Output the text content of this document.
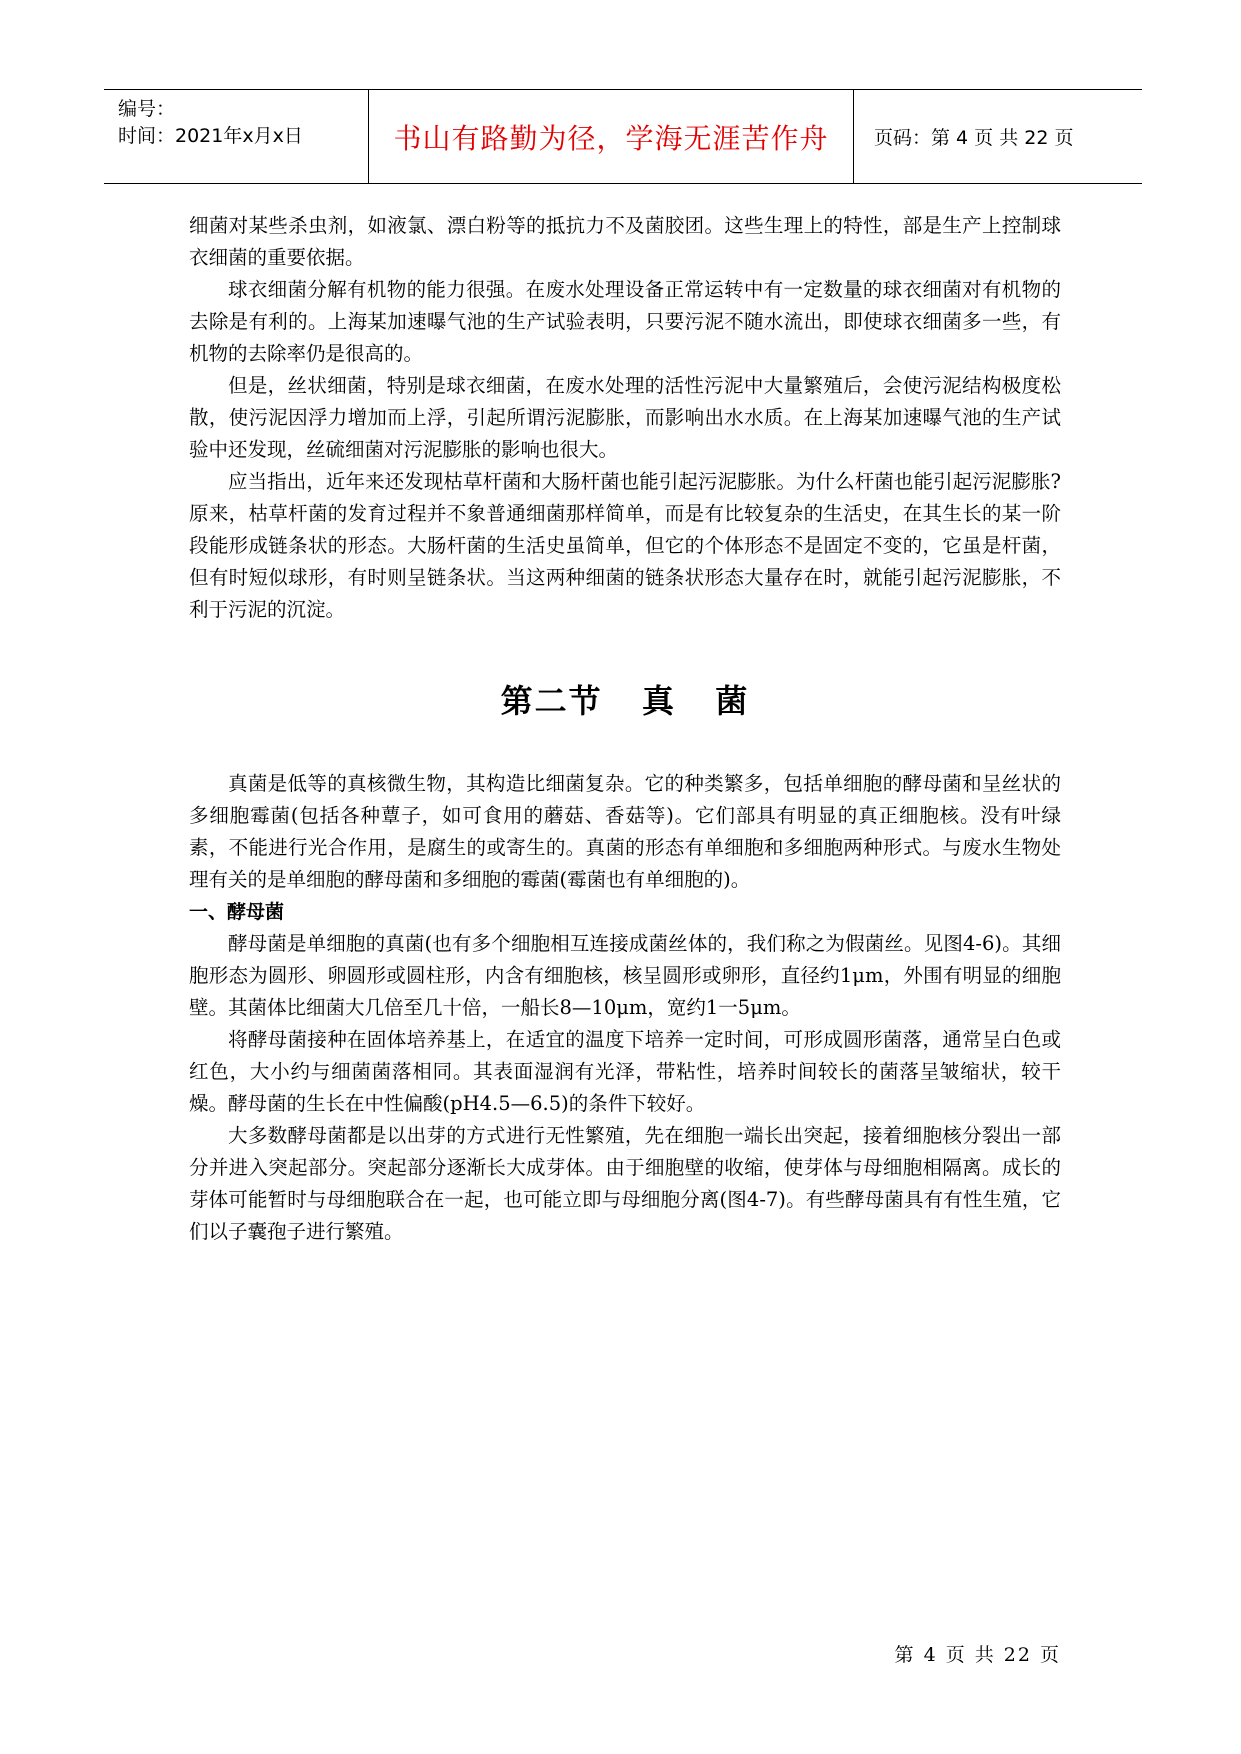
编号：
时间：2021年x月x日	书山有路勤为径，学海无涯苦作舟 页码：第 4 页 共 22 页

细菌对某些杀虫剂，如液氯、漂白粉等的抵抗力不及菌胶团。这些生理上的特性，部是生产上控制球衣细菌的重要依据。

球衣细菌分解有机物的能力很强。在废水处理设备正常运转中有一定数量的球衣细菌对有机物的去除是有利的。上海某加速曝气池的生产试验表明，只要污泥不随水流出，即使球衣细菌多一些，有机物的去除率仍是很高的。

但是，丝状细菌，特别是球衣细菌，在废水处理的活性污泥中大量繁殖后，会使污泥结构极度松散，使污泥因浮力增加而上浮，引起所谓污泥膨胀，而影响出水水质。在上海某加速曝气池的生产试验中还发现，丝硫细菌对污泥膨胀的影响也很大。

应当指出，近年来还发现枯草杆菌和大肠杆菌也能引起污泥膨胀。为什么杆菌也能引起污泥膨胀?原来，枯草杆菌的发育过程并不象普通细菌那样简单，而是有比较复杂的生活史，在其生长的某一阶段能形成链条状的形态。大肠杆菌的生活史虽简单，但它的个体形态不是固定不变的，它虽是杆菌，但有时短似球形，有时则呈链条状。当这两种细菌的链条状形态大量存在时，就能引起污泥膨胀，不利于污泥的沉淀。

第二节   真   菌

真菌是低等的真核微生物，其构造比细菌复杂。它的种类繁多，包括单细胞的酵母菌和呈丝状的多细胞霉菌(包括各种蕈子，如可食用的蘑菇、香菇等)。它们部具有明显的真正细胞核。没有叶绿素，不能进行光合作用，是腐生的或寄生的。真菌的形态有单细胞和多细胞两种形式。与废水生物处理有关的是单细胞的酵母菌和多细胞的霉菌(霉菌也有单细胞的)。

一、酵母菌

酵母菌是单细胞的真菌(也有多个细胞相互连接成菌丝体的，我们称之为假菌丝。见图4-6)。其细胞形态为圆形、卵圆形或圆柱形，内含有细胞核，核呈圆形或卵形，直径约1μm，外围有明显的细胞壁。其菌体比细菌大几倍至几十倍，一船长8—10μm，宽约1一5μm。

将酵母菌接种在固体培养基上，在适宜的温度下培养一定时间，可形成圆形菌落，通常呈白色或红色，大小约与细菌菌落相同。其表面湿润有光泽，带粘性，培养时间较长的菌落呈皱缩状，较干燥。酵母菌的生长在中性偏酸(pH4.5—6.5)的条件下较好。

大多数酵母菌都是以出芽的方式进行无性繁殖，先在细胞一端长出突起，接着细胞核分裂出一部分并进入突起部分。突起部分逐渐长大成芽体。由于细胞壁的收缩，使芽体与母细胞相隔离。成长的芽体可能暂时与母细胞联合在一起，也可能立即与母细胞分离(图4-7)。有些酵母菌具有有性生殖，它们以子囊孢子进行繁殖。

第 4 页 共 22 页
